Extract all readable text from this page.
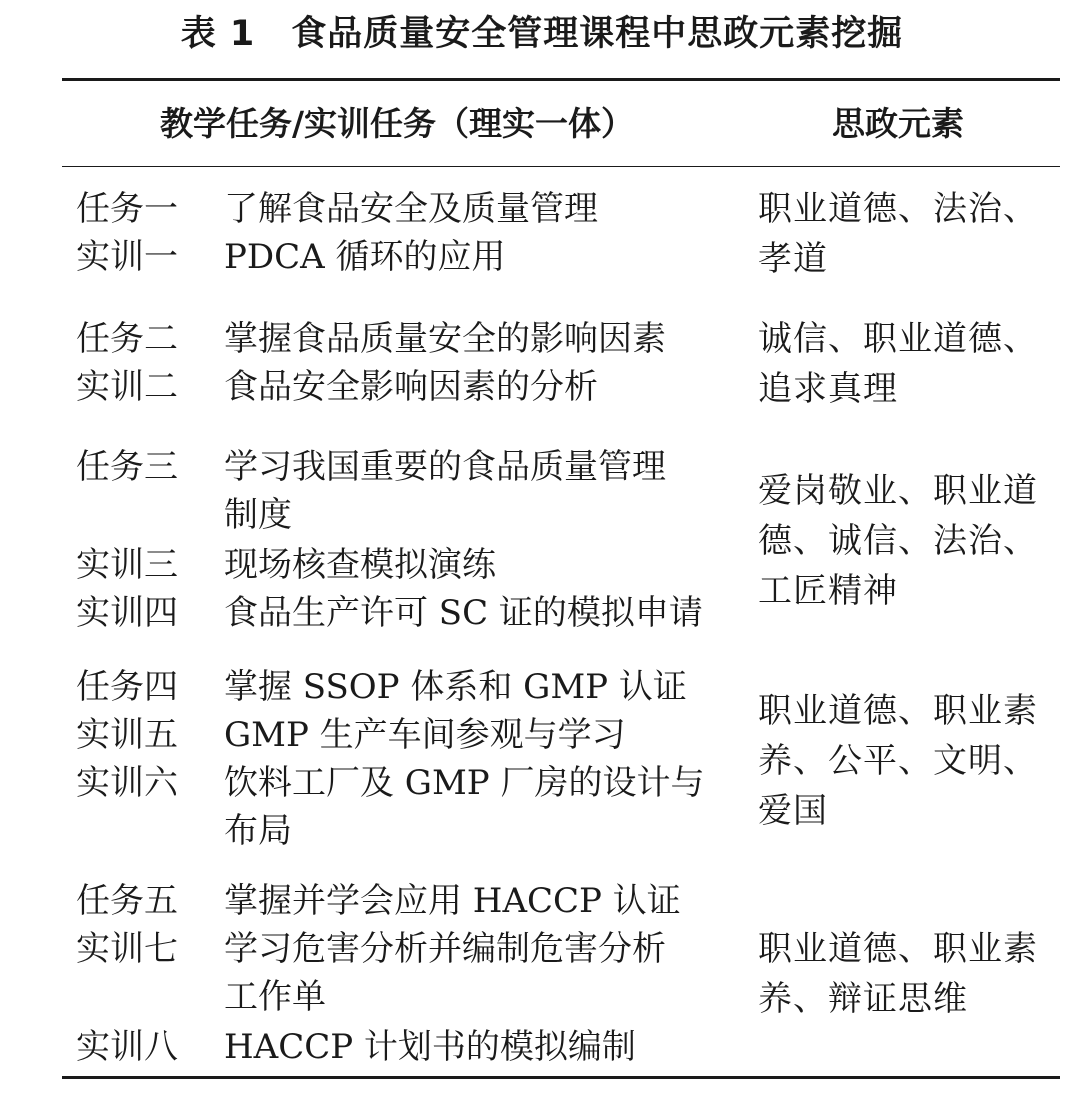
表 1　食品质量安全管理课程中思政元素挖掘
教学任务/实训任务（理实一体）	思政元素
任务一 了解食品安全及质量管理
实训一 PDCA 循环的应用
职业道德、法治、孝道
任务二 掌握食品质量安全的影响因素
实训二 食品安全影响因素的分析
诚信、职业道德、追求真理
任务三 学习我国重要的食品质量管理
制度
实训三 现场核查模拟演练
实训四 食品生产许可 SC 证的模拟申请
爱岗敬业、职业道德、诚信、法治、工匠精神
任务四 掌握 SSOP 体系和 GMP 认证
实训五 GMP 生产车间参观与学习
实训六 饮料工厂及 GMP 厂房的设计与
布局
职业道德、职业素养、公平、文明、爱国
任务五 掌握并学会应用 HACCP 认证
实训七 学习危害分析并编制危害分析
工作单
实训八 HACCP 计划书的模拟编制
职业道德、职业素养、辩证思维
